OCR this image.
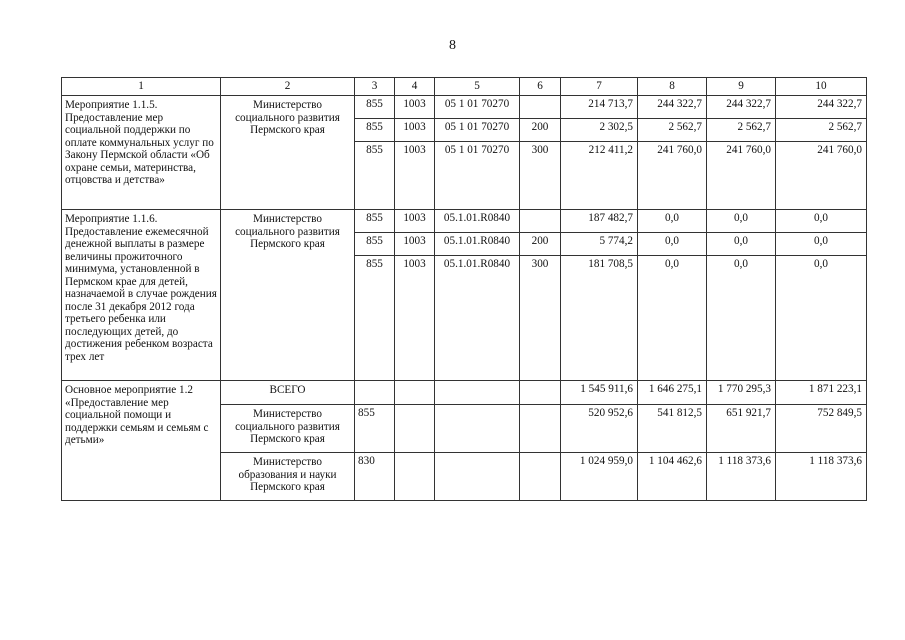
8
1	2	3	4	5	6	7	8	9	10
Мероприятие 1.1.5. Предоставление мер социальной поддержки по оплате коммунальных услуг по Закону Пермской области «Об охране семьи, материнства, отцовства и детства»	Министерство социального развития Пермского края	855	1003	05 1 01 70270		214 713,7	244 322,7	244 322,7	244 322,7
		855	1003	05 1 01 70270	200	2 302,5	2 562,7	2 562,7	2 562,7
		855	1003	05 1 01 70270	300	212 411,2	241 760,0	241 760,0	241 760,0
Мероприятие 1.1.6. Предоставление ежемесячной денежной выплаты в размере величины прожиточного минимума, установленной в Пермском крае для детей, назначаемой в случае рождения после 31 декабря 2012 года третьего ребенка или последующих детей, до достижения ребенком возраста трех лет	Министерство социального развития Пермского края	855	1003	05.1.01.R0840		187 482,7	0,0	0,0	0,0
		855	1003	05.1.01.R0840	200	5 774,2	0,0	0,0	0,0
		855	1003	05.1.01.R0840	300	181 708,5	0,0	0,0	0,0
Основное мероприятие 1.2 «Предоставление мер социальной помощи и поддержки семьям и семьям с детьми»	ВСЕГО					1 545 911,6	1 646 275,1	1 770 295,3	1 871 223,1
	Министерство социального развития Пермского края	855				520 952,6	541 812,5	651 921,7	752 849,5
	Министерство образования и науки Пермского края	830				1 024 959,0	1 104 462,6	1 118 373,6	1 118 373,6
